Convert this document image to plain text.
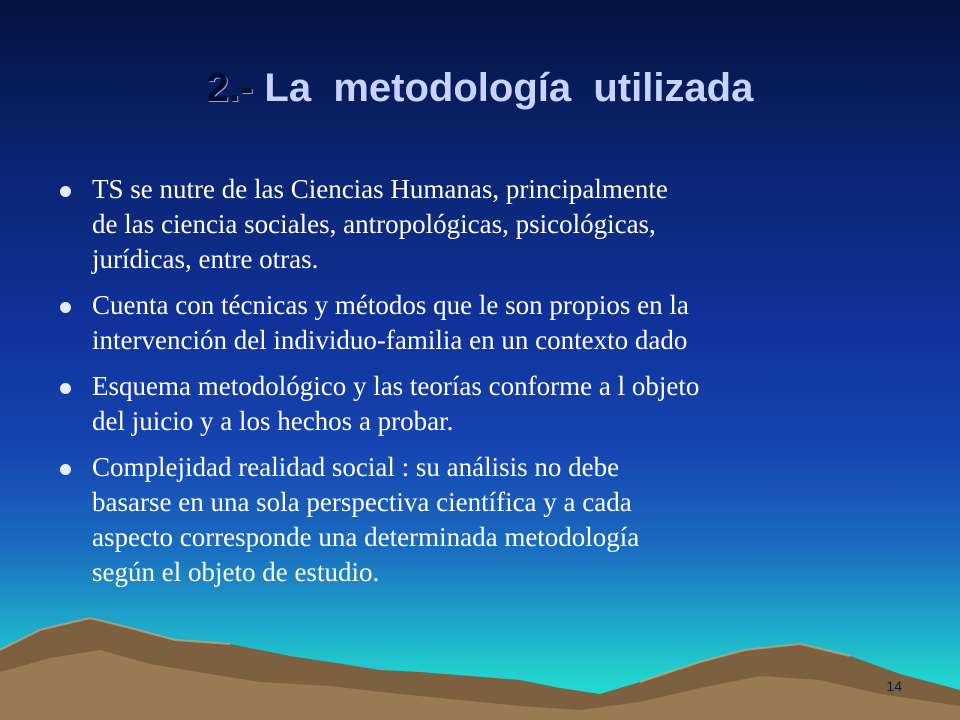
2.- La  metodología  utilizada
TS se nutre de las Ciencias Humanas, principalmente
de las ciencia sociales, antropológicas, psicológicas,
jurídicas, entre otras.
Cuenta con técnicas y métodos que le son propios en la
intervención del individuo-familia en un contexto dado
Esquema metodológico y las teorías conforme a l objeto
del juicio y a los hechos a probar.
Complejidad realidad social : su análisis no debe
basarse en una sola perspectiva científica y a cada
aspecto corresponde una determinada metodología
según el objeto de estudio.
14
